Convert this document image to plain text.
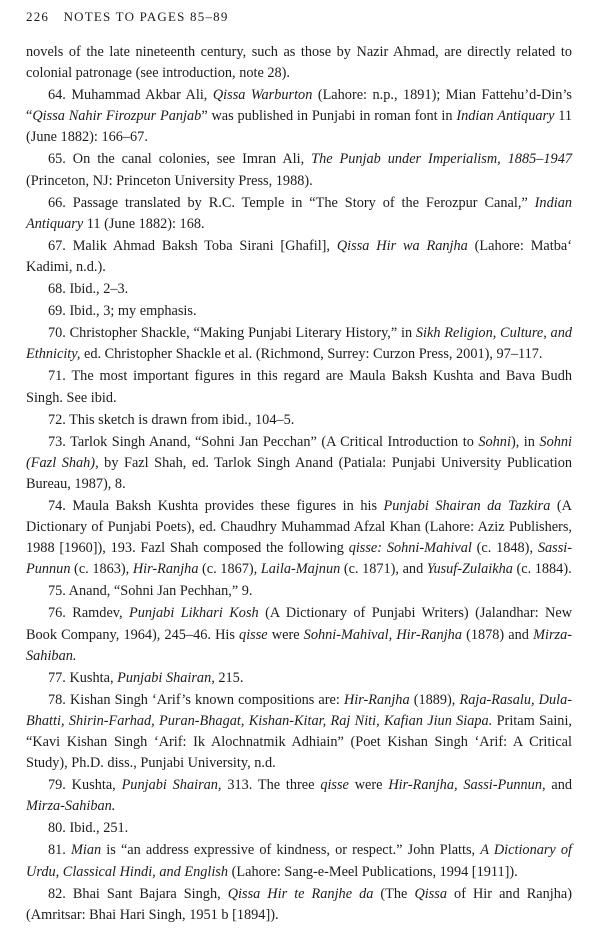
226 NOTES TO PAGES 85–89

novels of the late nineteenth century, such as those by Nazir Ahmad, are directly related to colonial patronage (see introduction, note 28).

64. Muhammad Akbar Ali, Qissa Warburton (Lahore: n.p., 1891); Mian Fattehu’d-Din’s “Qissa Nahir Firozpur Panjab” was published in Punjabi in roman font in Indian Antiquary 11 (June 1882): 166–67.

65. On the canal colonies, see Imran Ali, The Punjab under Imperialism, 1885–1947 (Princeton, NJ: Princeton University Press, 1988).

66. Passage translated by R.C. Temple in “The Story of the Ferozpur Canal,” Indian Antiquary 11 (June 1882): 168.

67. Malik Ahmad Baksh Toba Sirani [Ghafil], Qissa Hir wa Ranjha (Lahore: Matba‘ Kadimi, n.d.).

68. Ibid., 2–3.

69. Ibid., 3; my emphasis.

70. Christopher Shackle, “Making Punjabi Literary History,” in Sikh Religion, Culture, and Ethnicity, ed. Christopher Shackle et al. (Richmond, Surrey: Curzon Press, 2001), 97–117.

71. The most important figures in this regard are Maula Baksh Kushta and Bava Budh Singh. See ibid.

72. This sketch is drawn from ibid., 104–5.

73. Tarlok Singh Anand, “Sohni Jan Pecchan” (A Critical Introduction to Sohni), in Sohni (Fazl Shah), by Fazl Shah, ed. Tarlok Singh Anand (Patiala: Punjabi University Publication Bureau, 1987), 8.

74. Maula Baksh Kushta provides these figures in his Punjabi Shairan da Tazkira (A Dictionary of Punjabi Poets), ed. Chaudhry Muhammad Afzal Khan (Lahore: Aziz Publishers, 1988 [1960]), 193. Fazl Shah composed the following qisse: Sohni-Mahival (c. 1848), Sassi-Punnun (c. 1863), Hir-Ranjha (c. 1867), Laila-Majnun (c. 1871), and Yusuf-Zulaikha (c. 1884).

75. Anand, “Sohni Jan Pechhan,” 9.

76. Ramdev, Punjabi Likhari Kosh (A Dictionary of Punjabi Writers) (Jalandhar: New Book Company, 1964), 245–46. His qisse were Sohni-Mahival, Hir-Ranjha (1878) and Mirza-Sahiban.

77. Kushta, Punjabi Shairan, 215.

78. Kishan Singh ‘Arif’s known compositions are: Hir-Ranjha (1889), Raja-Rasalu, Dula-Bhatti, Shirin-Farhad, Puran-Bhagat, Kishan-Kitar, Raj Niti, Kafian Jiun Siapa. Pritam Saini, “Kavi Kishan Singh ‘Arif: Ik Alochnatmik Adhiain” (Poet Kishan Singh ‘Arif: A Critical Study), Ph.D. diss., Punjabi University, n.d.

79. Kushta, Punjabi Shairan, 313. The three qisse were Hir-Ranjha, Sassi-Punnun, and Mirza-Sahiban.

80. Ibid., 251.

81. Mian is “an address expressive of kindness, or respect.” John Platts, A Dictionary of Urdu, Classical Hindi, and English (Lahore: Sang-e-Meel Publications, 1994 [1911]).

82. Bhai Sant Bajara Singh, Qissa Hir te Ranjhe da (The Qissa of Hir and Ranjha) (Amritsar: Bhai Hari Singh, 1951 b [1894]).
